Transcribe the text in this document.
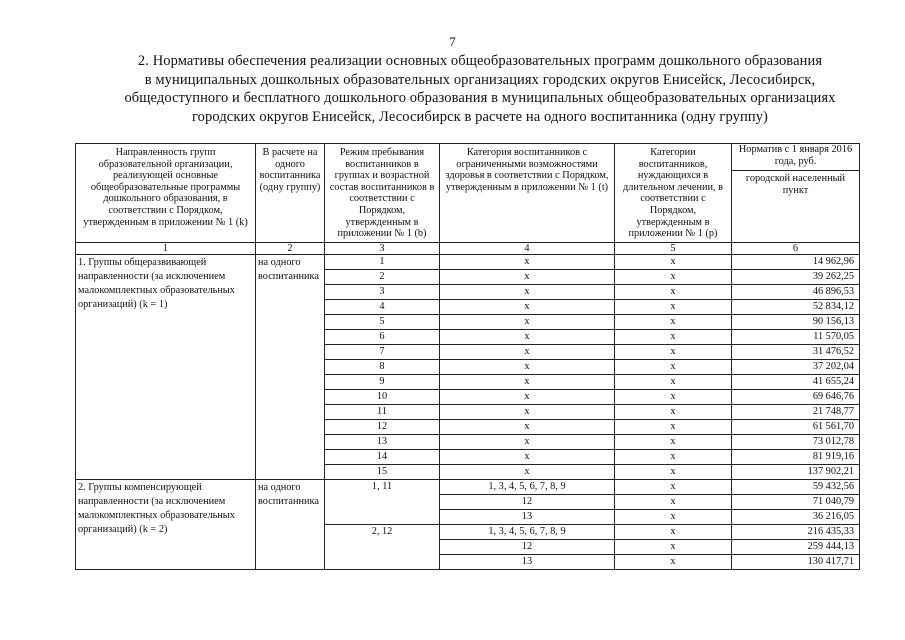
7
2. Нормативы обеспечения реализации основных общеобразовательных программ дошкольного образования
в муниципальных дошкольных образовательных организациях городских округов Енисейск, Лесосибирск,
общедоступного и бесплатного дошкольного образования в муниципальных общеобразовательных организациях
городских округов Енисейск, Лесосибирск в расчете на одного воспитанника (одну группу)
Направленность групп образовательной организации, реализующей основные общеобразовательные программы дошкольного образования, в соответствии с Порядком, утвержденным в приложении № 1 (k)	В расчете на одного воспитанника (одну группу)	Режим пребывания воспитанников в группах и возрастной состав воспитанников в соответствии с Порядком, утвержденным в приложении № 1 (b)	Категория воспитанников с ограниченными возможностями здоровья в соответствии с Порядком, утвержденным в приложении № 1 (t)	Категории воспитанников, нуждающихся в длительном лечении, в соответствии с Порядком, утвержденным в приложении № 1 (p)	Норматив с 1 января 2016 года, руб.
городской населенный пункт

1	2	3	4	5	6
1. Группы общеразвивающей направленности (за исключением малокомплектных образовательных организаций) (k = 1)	на одного воспитанника	1	x	x	14 962,96
		2	x	x	39 262,25
		3	x	x	46 896,53
		4	x	x	52 834,12
		5	x	x	90 156,13
		6	x	x	11 570,05
		7	x	x	31 476,52
		8	x	x	37 202,04
		9	x	x	41 655,24
		10	x	x	69 646,76
		11	x	x	21 748,77
		12	x	x	61 561,70
		13	x	x	73 012,78
		14	x	x	81 919,16
		15	x	x	137 902,21
2. Группы компенсирующей направленности (за исключением малокомплектных образовательных организаций) (k = 2)	на одного воспитанника	1, 11	1, 3, 4, 5, 6, 7, 8, 9	x	59 432,56
			12	x	71 040,79
			13	x	36 216,05
		2, 12	1, 3, 4, 5, 6, 7, 8, 9	x	216 435,33
			12	x	259 444,13
			13	x	130 417,71
